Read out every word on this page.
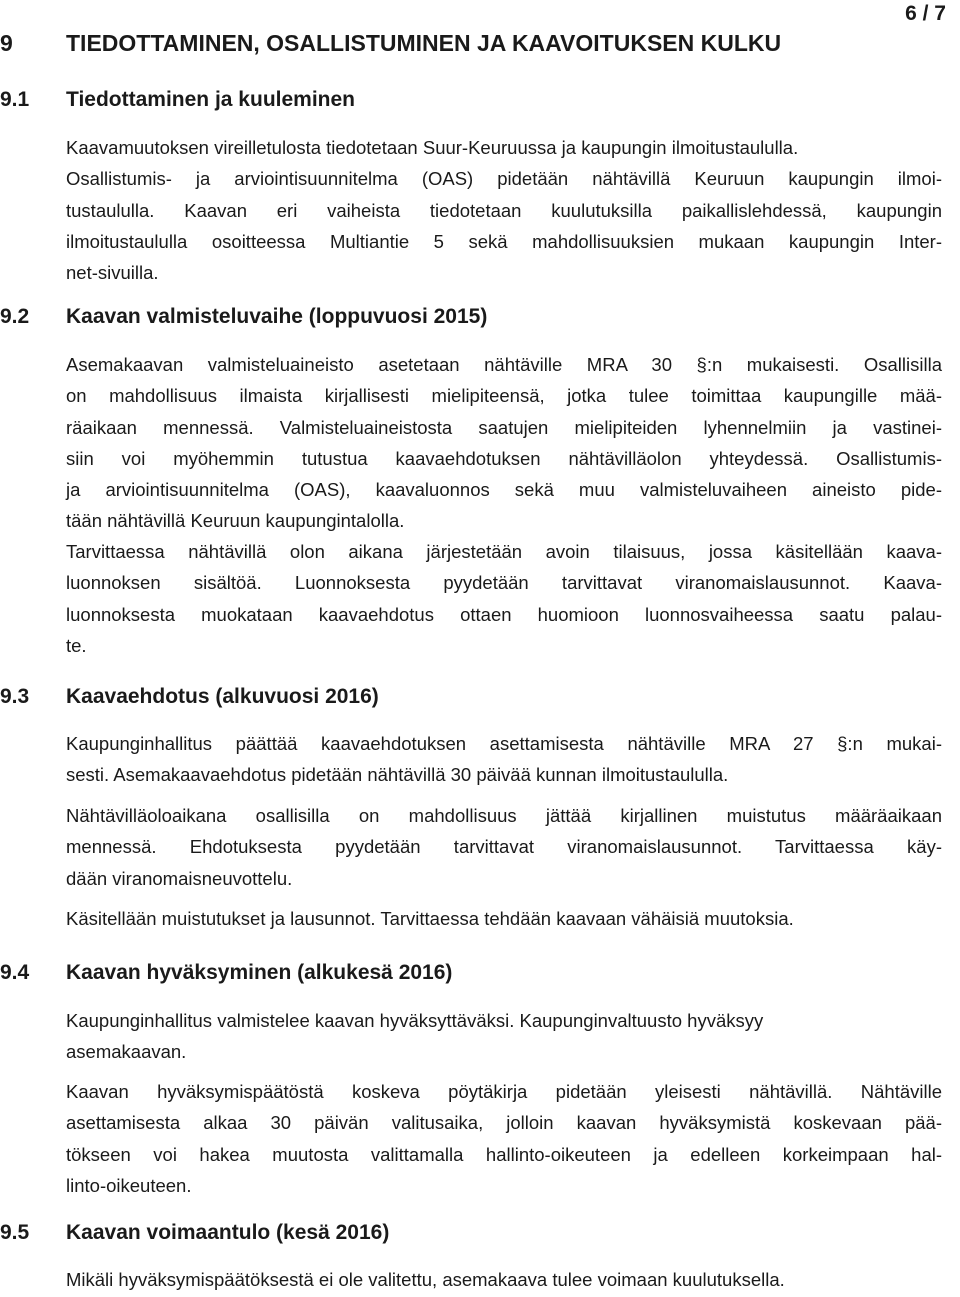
6 / 7
9 TIEDOTTAMINEN, OSALLISTUMINEN JA KAAVOITUKSEN KULKU
9.1 Tiedottaminen ja kuuleminen
Kaavamuutoksen vireilletulosta tiedotetaan Suur-Keuruussa ja kaupungin ilmoitustaululla.
Osallistumis- ja arviointisuunnitelma (OAS) pidetään nähtävillä Keuruun kaupungin ilmoi-
tustaululla. Kaavan eri vaiheista tiedotetaan kuulutuksilla paikallislehdessä, kaupungin
ilmoitustaululla osoitteessa Multiantie 5 sekä mahdollisuuksien mukaan kaupungin Inter-
net-sivuilla.
9.2 Kaavan valmisteluvaihe (loppuvuosi 2015)
Asemakaavan valmisteluaineisto asetetaan nähtäville MRA 30 §:n mukaisesti. Osallisilla
on mahdollisuus ilmaista kirjallisesti mielipiteensä, jotka tulee toimittaa kaupungille mää-
räaikaan mennessä. Valmisteluaineistosta saatujen mielipiteiden lyhennelmiin ja vastinei-
siin voi myöhemmin tutustua kaavaehdotuksen nähtävilläolon yhteydessä. Osallistumis-
ja arviointisuunnitelma (OAS), kaavaluonnos sekä muu valmisteluvaiheen aineisto pide-
tään nähtävillä Keuruun kaupungintalolla.
Tarvittaessa nähtävillä olon aikana järjestetään avoin tilaisuus, jossa käsitellään kaava-
luonnoksen sisältöä. Luonnoksesta pyydetään tarvittavat viranomaislausunnot. Kaava-
luonnoksesta muokataan kaavaehdotus ottaen huomioon luonnosvaiheessa saatu palau-
te.
9.3 Kaavaehdotus (alkuvuosi 2016)
Kaupunginhallitus päättää kaavaehdotuksen asettamisesta nähtäville MRA 27 §:n mukai-
sesti. Asemakaavaehdotus pidetään nähtävillä 30 päivää kunnan ilmoitustaululla.
Nähtävilläoloaikana osallisilla on mahdollisuus jättää kirjallinen muistutus määräaikaan
mennessä. Ehdotuksesta pyydetään tarvittavat viranomaislausunnot. Tarvittaessa käy-
dään viranomaisneuvottelu.
Käsitellään muistutukset ja lausunnot. Tarvittaessa tehdään kaavaan vähäisiä muutoksia.
9.4 Kaavan hyväksyminen (alkukesä 2016)
Kaupunginhallitus valmistelee kaavan hyväksyttäväksi. Kaupunginvaltuusto hyväksyy
asemakaavan.
Kaavan hyväksymispäätöstä koskeva pöytäkirja pidetään yleisesti nähtävillä. Nähtäville
asettamisesta alkaa 30 päivän valitusaika, jolloin kaavan hyväksymistä koskevaan pää-
tökseen voi hakea muutosta valittamalla hallinto-oikeuteen ja edelleen korkeimpaan hal-
linto-oikeuteen.
9.5 Kaavan voimaantulo (kesä 2016)
Mikäli hyväksymispäätöksestä ei ole valitettu, asemakaava tulee voimaan kuulutuksella.
